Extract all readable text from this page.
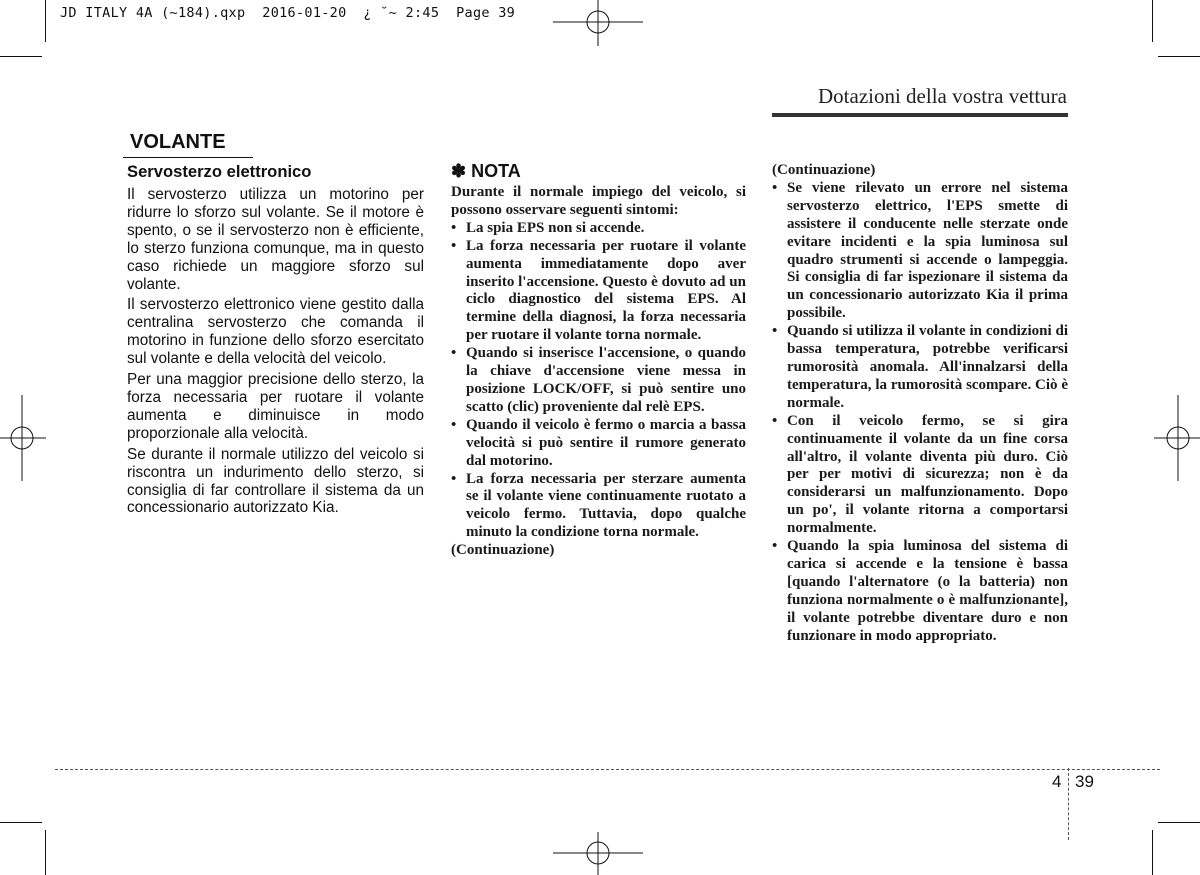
JD ITALY 4A (~184).qxp  2016-01-20  ¿ ˘~ 2:45  Page 39
Dotazioni della vostra vettura
VOLANTE
Servosterzo elettronico

Il servosterzo utilizza un motorino per ridurre lo sforzo sul volante. Se il motore è spento, o se il servosterzo non è efficiente, lo sterzo funziona comunque, ma in questo caso richiede un maggiore sforzo sul volante.

Il servosterzo elettronico viene gestito dalla centralina servosterzo che comanda il motorino in funzione dello sforzo esercitato sul volante e della velocità del veicolo.

Per una maggior precisione dello sterzo, la forza necessaria per ruotare il volante aumenta e diminuisce in modo proporzionale alla velocità.

Se durante il normale utilizzo del veicolo si riscontra un indurimento dello sterzo, si consiglia di far controllare il sistema da un concessionario autorizzato Kia.

✽ NOTA

Durante il normale impiego del veicolo, si possono osservare seguenti sintomi:

• La spia EPS non si accende.
• La forza necessaria per ruotare il volante aumenta immediatamente dopo aver inserito l'accensione. Questo è dovuto ad un ciclo diagnostico del sistema EPS. Al termine della diagnosi, la forza necessaria per ruotare il volante torna normale.
• Quando si inserisce l'accensione, o quando la chiave d'accensione viene messa in posizione LOCK/OFF, si può sentire uno scatto (clic) proveniente dal relè EPS.
• Quando il veicolo è fermo o marcia a bassa velocità si può sentire il rumore generato dal motorino.
• La forza necessaria per sterzare aumenta se il volante viene continuamente ruotato a veicolo fermo. Tuttavia, dopo qualche minuto la condizione torna normale.

(Continuazione)

(Continuazione)

• Se viene rilevato un errore nel sistema servosterzo elettrico, l'EPS smette di assistere il conducente nelle sterzate onde evitare incidenti e la spia luminosa sul quadro strumenti si accende o lampeggia. Si consiglia di far ispezionare il sistema da un concessionario autorizzato Kia il prima possibile.
• Quando si utilizza il volante in condizioni di bassa temperatura, potrebbe verificarsi rumorosità anomala. All'innalzarsi della temperatura, la rumorosità scompare. Ciò è normale.
• Con il veicolo fermo, se si gira continuamente il volante da un fine corsa all'altro, il volante diventa più duro. Ciò per per motivi di sicurezza; non è da considerarsi un malfunzionamento. Dopo un po', il volante ritorna a comportarsi normalmente.
• Quando la spia luminosa del sistema di carica si accende e la tensione è bassa [quando l'alternatore (o la batteria) non funziona normalmente o è malfunzionante], il volante potrebbe diventare duro e non funzionare in modo appropriato.
4 39
